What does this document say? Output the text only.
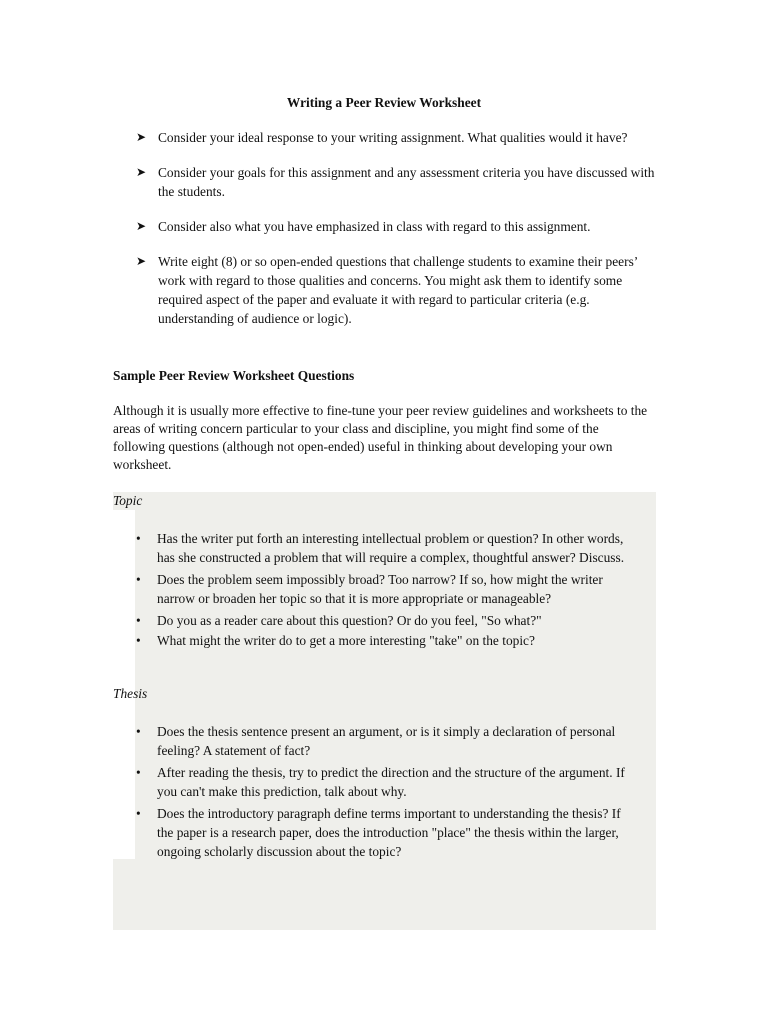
Writing a Peer Review Worksheet
➤ Consider your ideal response to your writing assignment. What qualities would it have?
➤ Consider your goals for this assignment and any assessment criteria you have discussed with the students.
➤ Consider also what you have emphasized in class with regard to this assignment.
➤ Write eight (8) or so open-ended questions that challenge students to examine their peers’ work with regard to those qualities and concerns. You might ask them to identify some required aspect of the paper and evaluate it with regard to particular criteria (e.g. understanding of audience or logic).
Sample Peer Review Worksheet Questions
Although it is usually more effective to fine-tune your peer review guidelines and worksheets to the areas of writing concern particular to your class and discipline, you might find some of the following questions (although not open-ended) useful in thinking about developing your own worksheet.
Topic
• Has the writer put forth an interesting intellectual problem or question? In other words, has she constructed a problem that will require a complex, thoughtful answer? Discuss.
• Does the problem seem impossibly broad? Too narrow? If so, how might the writer narrow or broaden her topic so that it is more appropriate or manageable?
• Do you as a reader care about this question? Or do you feel, "So what?"
• What might the writer do to get a more interesting "take" on the topic?
Thesis
• Does the thesis sentence present an argument, or is it simply a declaration of personal feeling? A statement of fact?
• After reading the thesis, try to predict the direction and the structure of the argument. If you can't make this prediction, talk about why.
• Does the introductory paragraph define terms important to understanding the thesis? If the paper is a research paper, does the introduction "place" the thesis within the larger, ongoing scholarly discussion about the topic?
